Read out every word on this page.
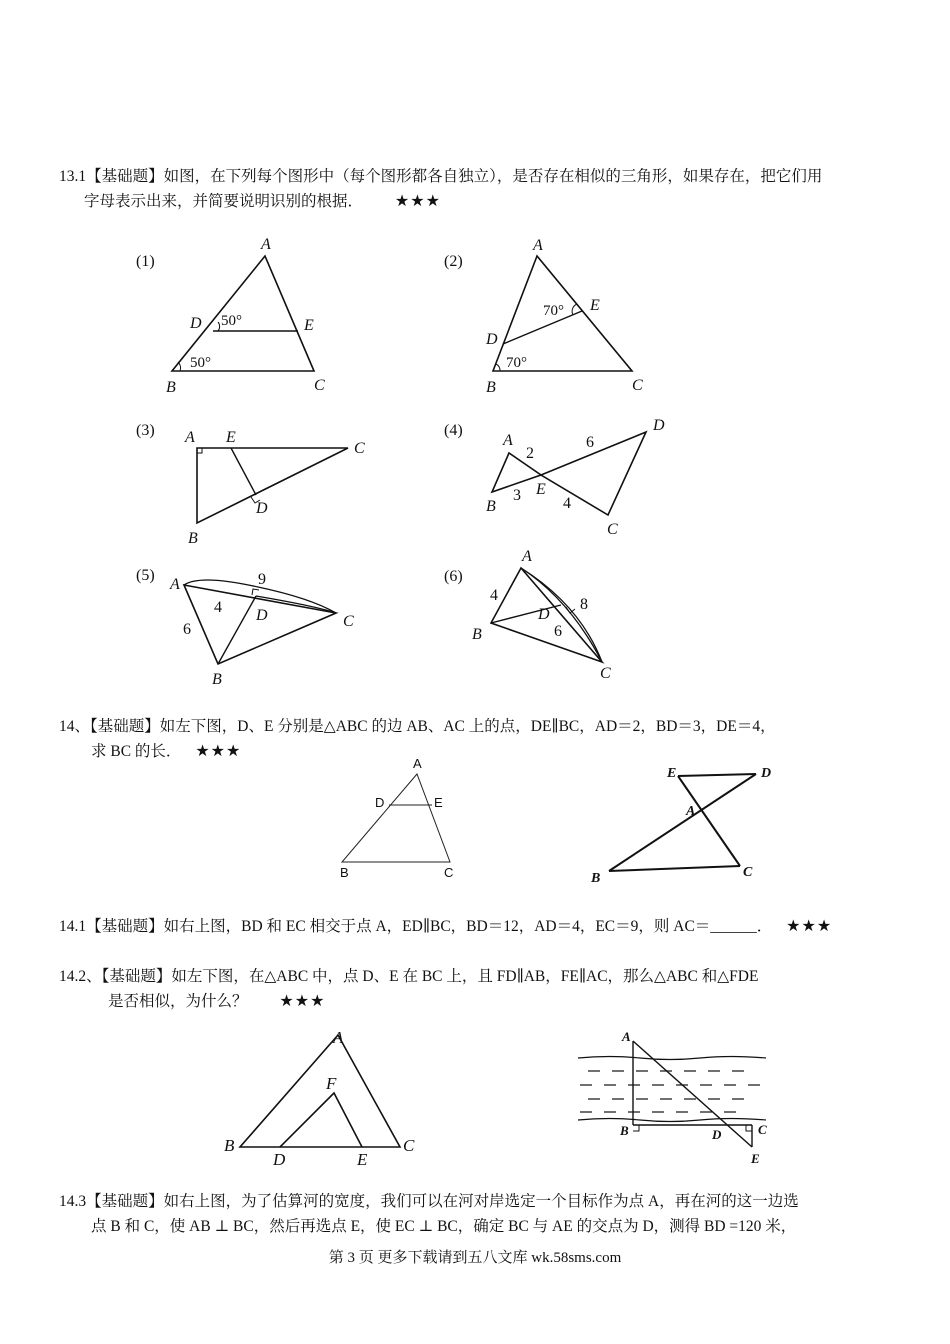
13.1【基础题】如图，在下列每个图形中（每个图形都各自独立），是否存在相似的三角形，如果存在，把它们用
字母表示出来，并简要说明识别的根据． ★★★
(1)
A
D	E
B	C
50°
50°
(2)
A
E
D
B	C
70°
70°
(3) A E
C
D
B
(4)
A
2
6
D
E
B
3	4
C
(5)
A	9
4 D	C
6
B
(6)
A
4
D
8
B	6
C
14、【基础题】如左下图，D、E 分别是△ABC 的边 AB、AC 上的点，DE∥BC，AD＝2，BD＝3，DE＝4，
求 BC 的长． ★★★
A
D	E
B	C
E	D
A
B	C
14.1【基础题】如右上图，BD 和 EC 相交于点 A，ED∥BC，BD＝12，AD＝4，EC＝9，则 AC＝______． ★★★
14.2、【基础题】如左下图，在△ABC 中，点 D、E 在 BC 上，且 FD∥AB，FE∥AC，那么△ABC 和△FDE
是否相似，为什么？ ★★★
A
F
B	C
D	E
A
B	D	C
E
14.3【基础题】如右上图，为了估算河的宽度，我们可以在河对岸选定一个目标作为点 A，再在河的这一边选
点 B 和 C，使 AB ⊥ BC，然后再选点 E，使 EC ⊥ BC，确定 BC 与 AE 的交点为 D，测得 BD =120 米，
第 3 页 更多下载请到五八文库 wk.58sms.com
